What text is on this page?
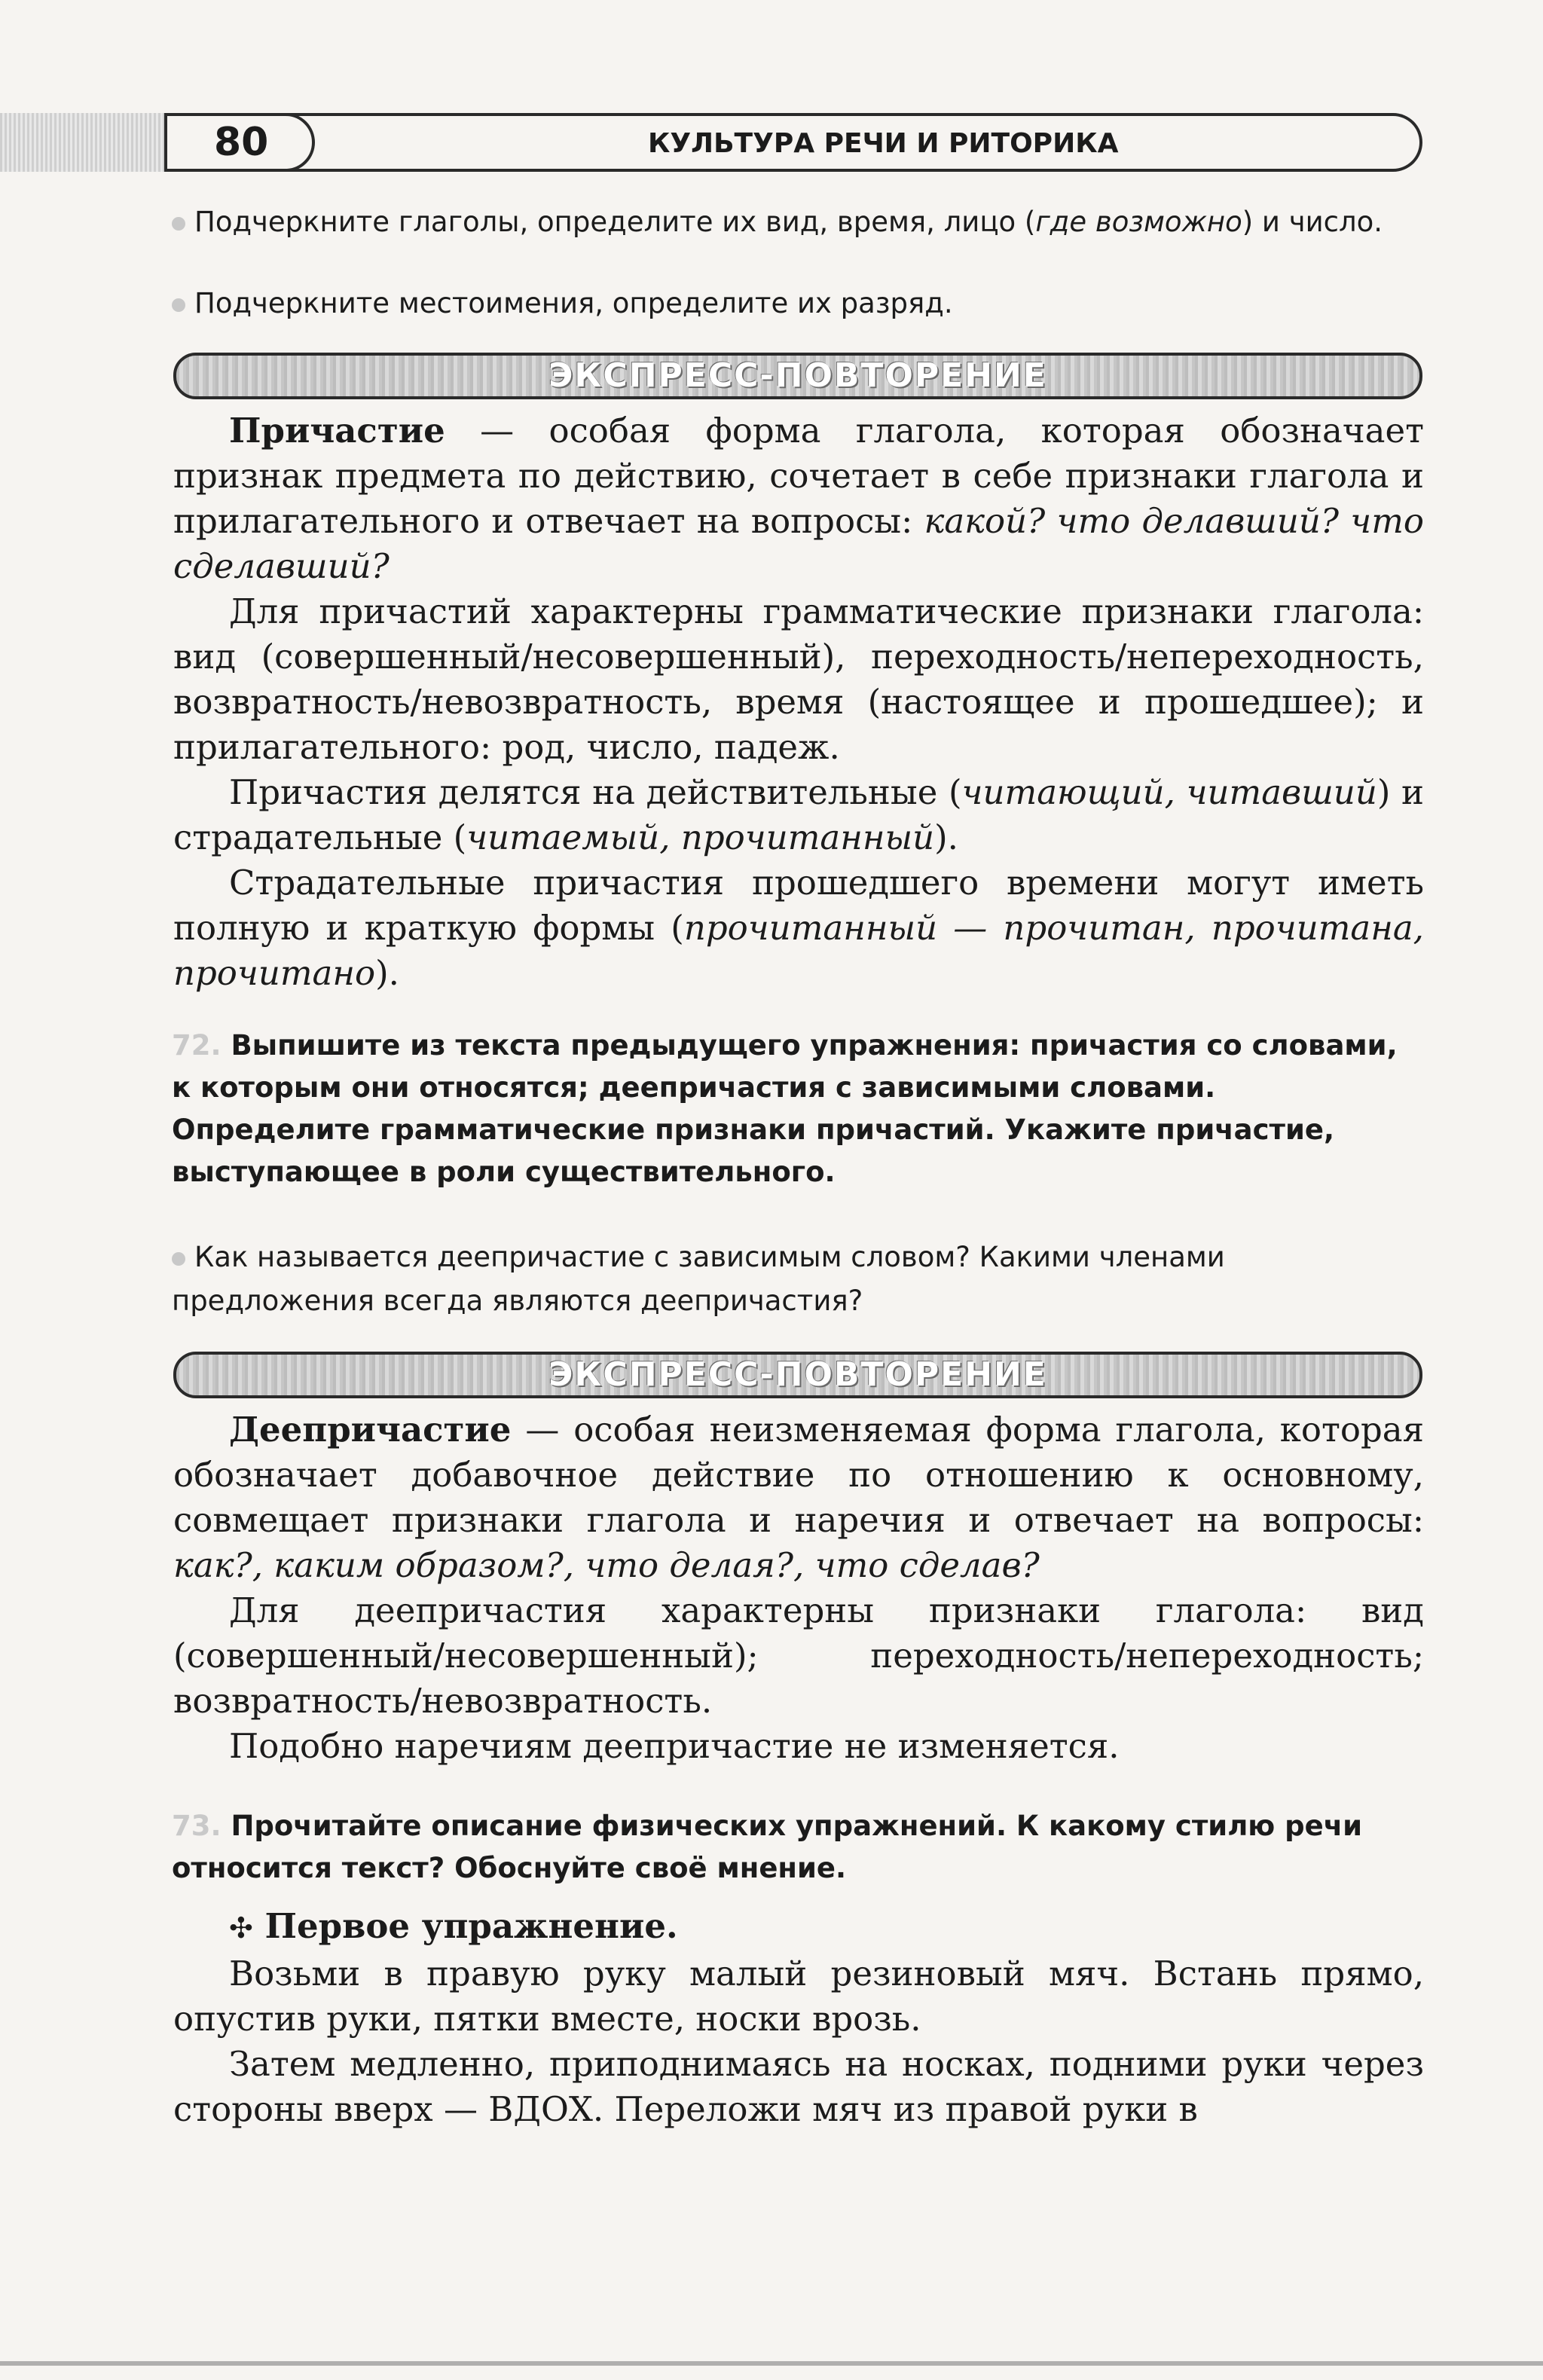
80	КУЛЬТУРА РЕЧИ И РИТОРИКА
Подчеркните глаголы, определите их вид, время, лицо (где возможно) и число.
Подчеркните местоимения, определите их разряд.
ЭКСПРЕСС-ПОВТОРЕНИЕ
Причастие — особая форма глагола, которая обозначает признак предмета по действию, сочетает в себе признаки глагола и прилагательного и отвечает на вопросы: какой? что делавший? что сделавший?
Для причастий характерны грамматические признаки глагола: вид (совершенный/несовершенный), переходность/непереходность, возвратность/невозвратность, время (настоящее и прошедшее); и прилагательного: род, число, падеж.
Причастия делятся на действительные (читающий, читавший) и страдательные (читаемый, прочитанный).
Страдательные причастия прошедшего времени могут иметь полную и краткую формы (прочитанный — прочитан, прочитана, прочитано).
72. Выпишите из текста предыдущего упражнения: причастия со словами, к которым они относятся; деепричастия с зависимыми словами. Определите грамматические признаки причастий. Укажите причастие, выступающее в роли существительного.
Как называется деепричастие с зависимым словом? Какими членами предложения всегда являются деепричастия?
ЭКСПРЕСС-ПОВТОРЕНИЕ
Деепричастие — особая неизменяемая форма глагола, которая обозначает добавочное действие по отношению к основному, совмещает признаки глагола и наречия и отвечает на вопросы: как?, каким образом?, что делая?, что сделав?
Для деепричастия характерны признаки глагола: вид (совершенный/несовершенный); переходность/непереходность; возвратность/невозвратность.
Подобно наречиям деепричастие не изменяется.
73. Прочитайте описание физических упражнений. К какому стилю речи относится текст? Обоснуйте своё мнение.
✣ Первое упражнение.
Возьми в правую руку малый резиновый мяч. Встань прямо, опустив руки, пятки вместе, носки врозь.
Затем медленно, приподнимаясь на носках, подними руки через стороны вверх — ВДОХ. Переложи мяч из правой руки в
